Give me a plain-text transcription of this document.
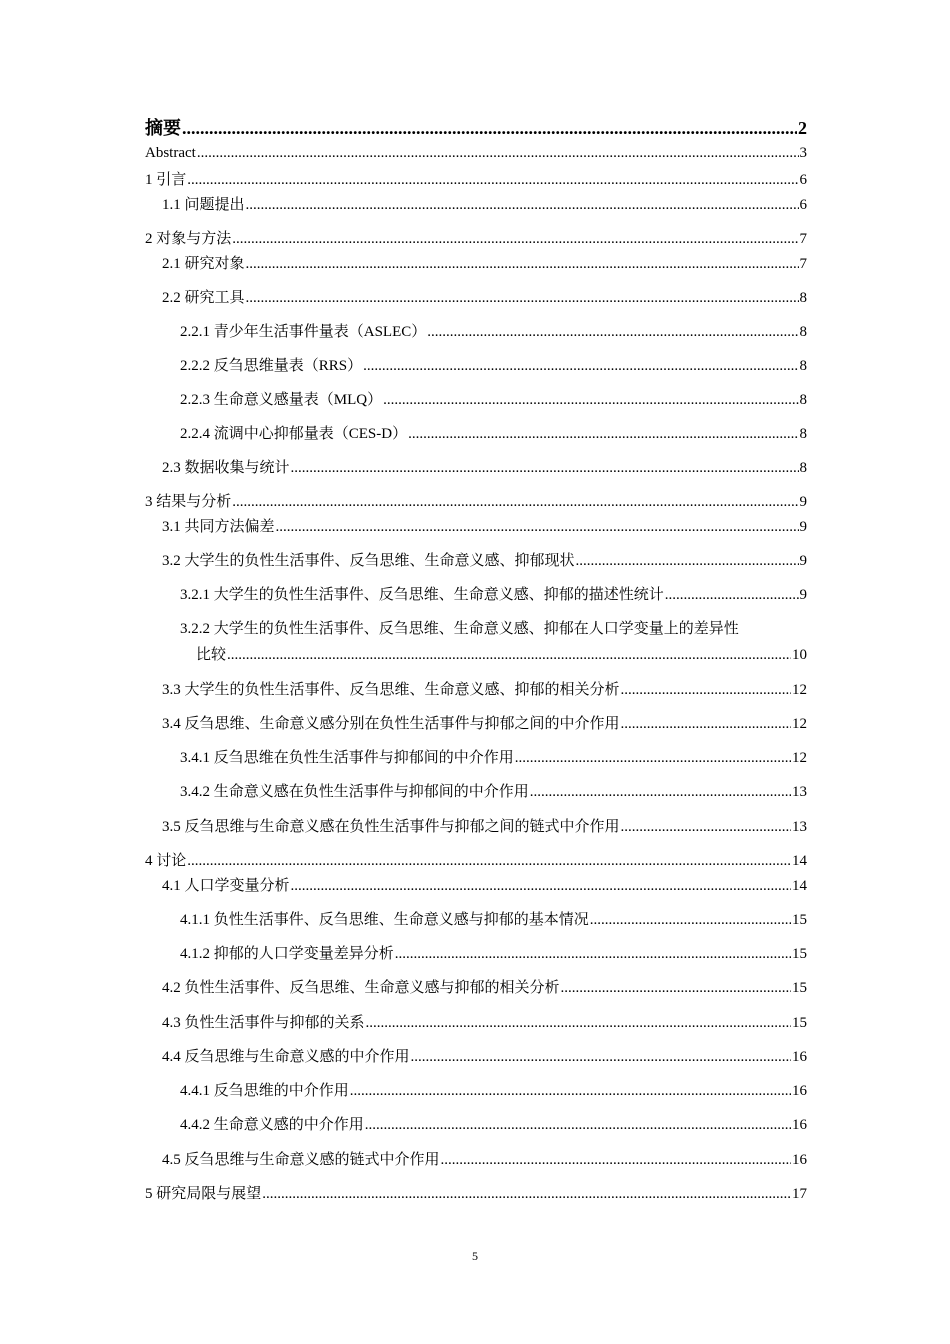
摘要 .....	2
Abstract .....	3
1 引言 .....	6
1.1 问题提出 .....	6
2 对象与方法 .....	7
2.1 研究对象 .....	7
2.2 研究工具 .....	8
2.2.1 青少年生活事件量表（ASLEC） .....	8
2.2.2 反刍思维量表（RRS） .....	8
2.2.3 生命意义感量表（MLQ） .....	8
2.2.4 流调中心抑郁量表（CES-D） .....	8
2.3 数据收集与统计 .....	8
3 结果与分析 .....	9
3.1 共同方法偏差 .....	9
3.2 大学生的负性生活事件、反刍思维、生命意义感、抑郁现状 .....	9
3.2.1 大学生的负性生活事件、反刍思维、生命意义感、抑郁的描述性统计 .....	9
3.2.2 大学生的负性生活事件、反刍思维、生命意义感、抑郁在人口学变量上的差异性
比较 .....	10
3.3 大学生的负性生活事件、反刍思维、生命意义感、抑郁的相关分析 .....	12
3.4 反刍思维、生命意义感分别在负性生活事件与抑郁之间的中介作用 .....	12
3.4.1 反刍思维在负性生活事件与抑郁间的中介作用 .....	12
3.4.2 生命意义感在负性生活事件与抑郁间的中介作用 .....	13
3.5 反刍思维与生命意义感在负性生活事件与抑郁之间的链式中介作用 .....	13
4 讨论 .....	14
4.1 人口学变量分析 .....	14
4.1.1 负性生活事件、反刍思维、生命意义感与抑郁的基本情况 .....	15
4.1.2 抑郁的人口学变量差异分析 .....	15
4.2 负性生活事件、反刍思维、生命意义感与抑郁的相关分析 .....	15
4.3 负性生活事件与抑郁的关系 .....	15
4.4 反刍思维与生命意义感的中介作用 .....	16
4.4.1 反刍思维的中介作用 .....	16
4.4.2 生命意义感的中介作用 .....	16
4.5 反刍思维与生命意义感的链式中介作用 .....	16
5 研究局限与展望 .....	17
5
